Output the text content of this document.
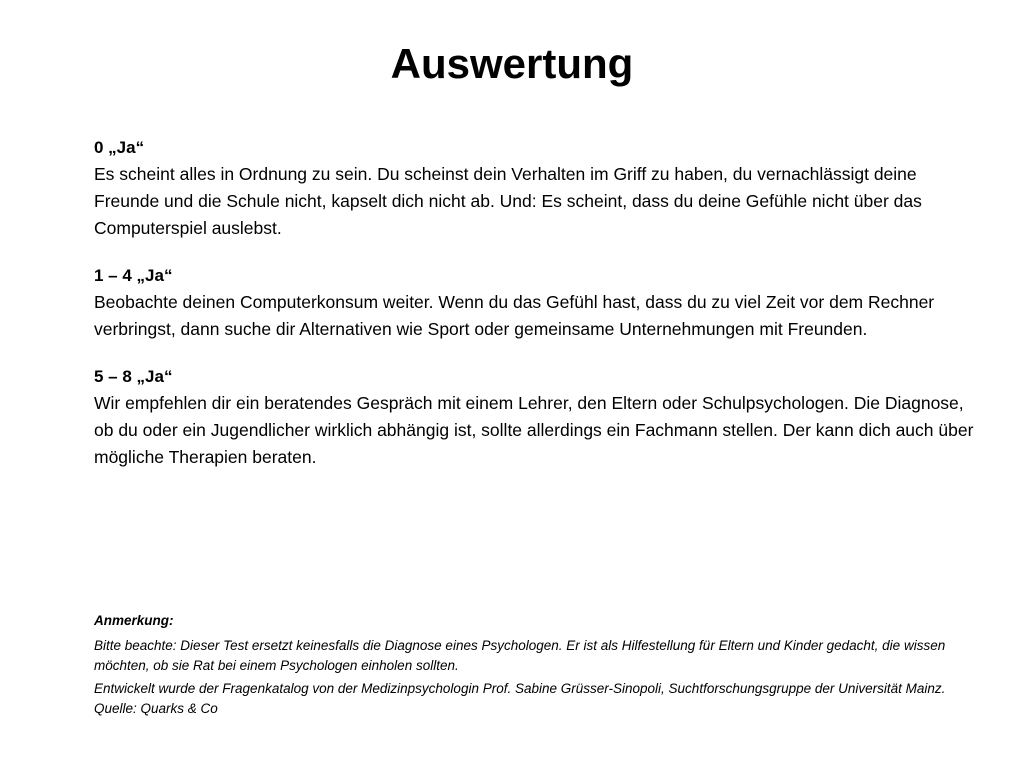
Auswertung
0 „Ja“
Es scheint alles in Ordnung zu sein. Du scheinst dein Verhalten im Griff zu haben, du vernachlässigt deine Freunde und die Schule nicht, kapselt dich nicht ab. Und: Es scheint, dass du deine Gefühle nicht über das Computerspiel auslebst.
1 – 4 „Ja“
Beobachte deinen Computerkonsum weiter. Wenn du das Gefühl hast, dass du zu viel Zeit vor dem Rechner verbringst, dann suche dir Alternativen wie Sport oder gemeinsame Unternehmungen mit Freunden.
5 – 8 „Ja“
Wir empfehlen dir ein beratendes Gespräch mit einem Lehrer, den Eltern oder Schulpsychologen. Die Diagnose, ob du oder ein Jugendlicher wirklich abhängig ist, sollte allerdings ein Fachmann stellen. Der kann dich auch über mögliche Therapien beraten.
Anmerkung:
Bitte beachte: Dieser Test ersetzt keinesfalls die Diagnose eines Psychologen. Er ist als Hilfestellung für Eltern und Kinder gedacht, die wissen möchten, ob sie Rat bei einem Psychologen einholen sollten.
Entwickelt wurde der Fragenkatalog von der Medizinpsychologin Prof. Sabine Grüsser-Sinopoli, Suchtforschungsgruppe der Universität Mainz. Quelle: Quarks & Co
